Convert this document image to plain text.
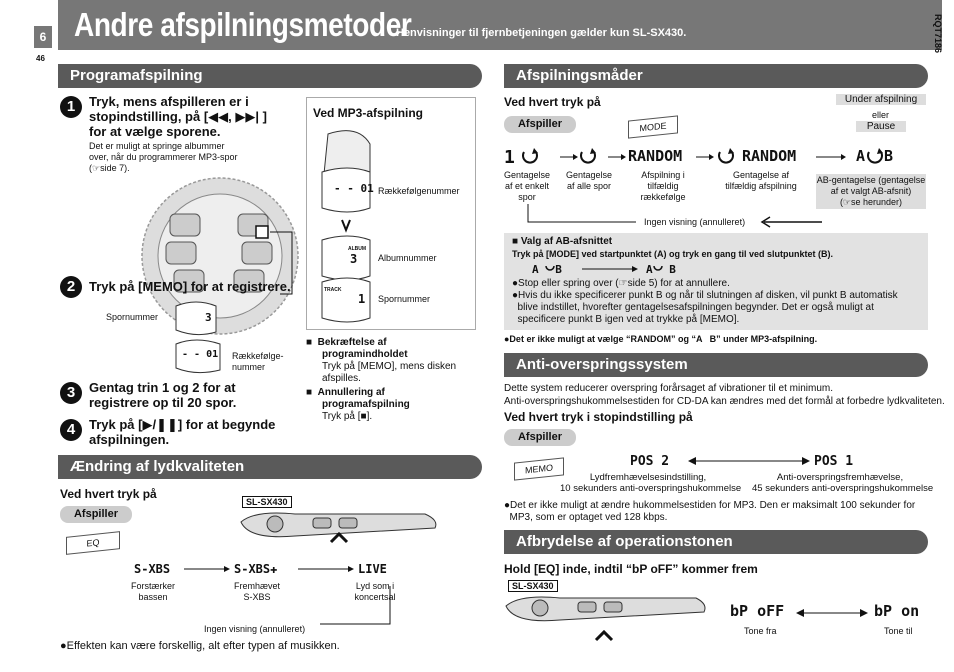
6
46
Andre afspilningsmetoder
Henvisninger til fjernbetjeningen gælder kun SL-SX430.	RQT7186
Programafspilning
1	Tryk, mens afspilleren er i
stopindstilling, på [◀◀, ▶▶| ]
for at vælge sporene.
Det er muligt at springe albummer
over, når du programmerer MP3-spor
(☞side 7).
Ved MP3-afspilning
- - 01 Rækkefølgenummer
ALBUM
3 Albumnummer
TRACK
1 Spornummer
2	Tryk på [MEMO] for at registrere.
Spornummer	3
- - 01 Rækkefølge-
nummer
3	Gentag trin 1 og 2 for at
registrere op til 20 spor.
4	Tryk på [▶/❚❚] for at begynde
afspilningen.
■  Bekræftelse af
programindholdet
Tryk på [MEMO], mens disken
afspilles.
■  Annullering af
programafspilning
Tryk på [■].
Ændring af lydkvaliteten
Ved hvert tryk på
Afspiller
SL-SX430
EQ
S-XBS	S-XBS✚	LIVE
Forstærker
bassen
Fremhævet
S-XBS
Lyd som i
koncertsal
Ingen visning (annulleret)
●Effekten kan være forskellig, alt efter typen af musikken.
Afspilningsmåder
Ved hvert tryk på
Afspiller	MODE
Under afspilning
eller
Pause
1	RANDOM	RANDOM	A B
Gentagelse
af et enkelt
spor
Gentagelse
af alle spor
Afspilning i
tilfældig
rækkefølge
Gentagelse af
tilfældig afspilning
AB-gentagelse (gentagelse
af et valgt AB-afsnit)
(☞se herunder)
Ingen visning (annulleret)
■ Valg af AB-afsnittet
Tryk på [MODE] ved startpunktet (A) og tryk en gang til ved slutpunktet (B).
A B	A B
●Stop eller spring over (☞side 5) for at annullere.
●Hvis du ikke specificerer punkt B og når til slutningen af disken, vil punkt B automatisk
blive indstillet, hvorefter gentagelsesafspilningen begynder. Det er også muligt at
specificere punkt B igen ved at trykke på [MEMO].
●Det er ikke muligt at vælge “RANDOM” og “A   B” under MP3-afspilning.
Anti-overspringssystem
Dette system reducerer overspring forårsaget af vibrationer til et minimum.
Anti-overspringshukommelsestiden for CD-DA kan ændres med det formål at forbedre lydkvaliteten.
Ved hvert tryk i stopindstilling på
Afspiller
MEMO	POS 2	POS 1
Lydfremhævelsesindstilling,
10 sekunders anti-overspringshukommelse
Anti-overspringsfremhævelse,
45 sekunders anti-overspringshukommelse
●Det er ikke muligt at ændre hukommelsestiden for MP3. Den er maksimalt 100 sekunder for
MP3, som er optaget ved 128 kbps.
Afbrydelse af operationstonen
Hold [EQ] inde, indtil “bP oFF” kommer frem
SL-SX430
bP oFF	bP on
Tone fra	Tone til
